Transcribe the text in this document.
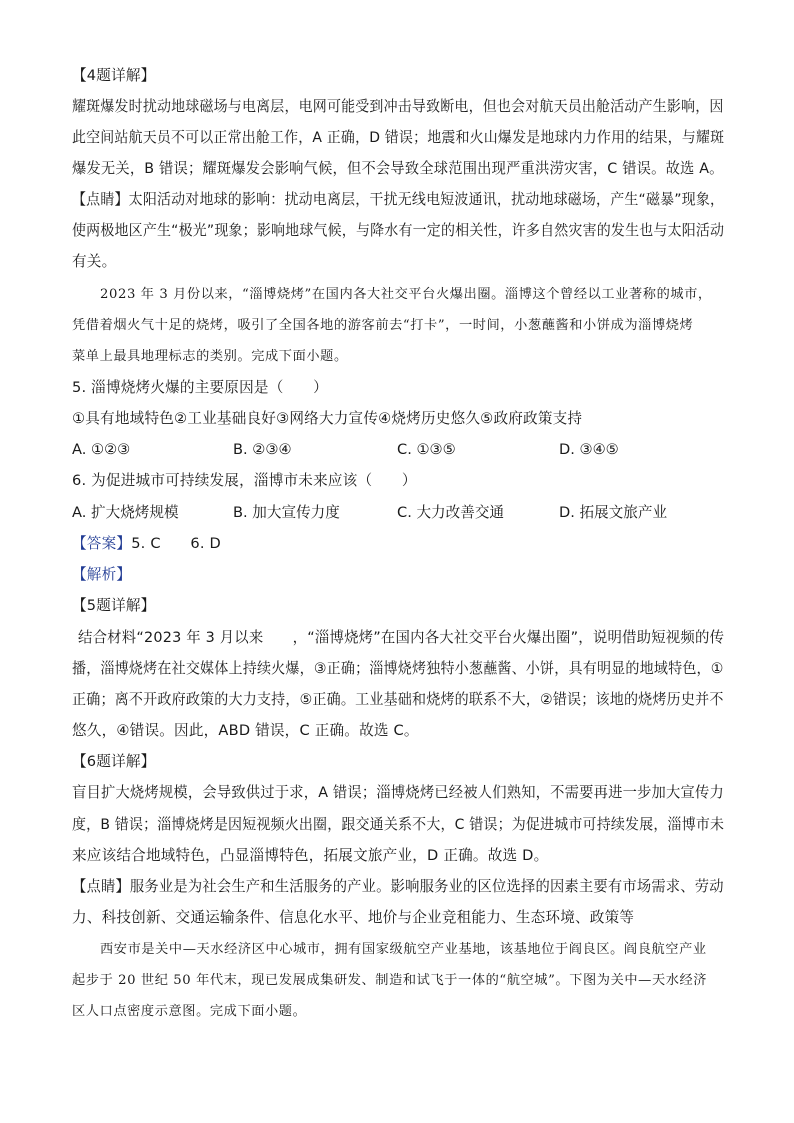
【4题详解】
耀斑爆发时扰动地球磁场与电离层，电网可能受到冲击导致断电，但也会对航天员出舱活动产生影响，因
此空间站航天员不可以正常出舱工作，A 正确，D 错误；地震和火山爆发是地球内力作用的结果，与耀斑
爆发无关，B 错误；耀斑爆发会影响气候，但不会导致全球范围出现严重洪涝灾害，C 错误。故选 A。
【点睛】太阳活动对地球的影响：扰动电离层，干扰无线电短波通讯，扰动地球磁场，产生“磁暴”现象，
使两极地区产生“极光”现象；影响地球气候，与降水有一定的相关性，许多自然灾害的发生也与太阳活动
有关。
2023 年 3 月份以来，“淄博烧烤”在国内各大社交平台火爆出圈。淄博这个曾经以工业著称的城市，
凭借着烟火气十足的烧烤，吸引了全国各地的游客前去“打卡”，一时间，小葱蘸酱和小饼成为淄博烧烤
菜单上最具地理标志的类别。完成下面小题。
5. 淄博烧烤火爆的主要原因是（　　）
①具有地域特色②工业基础良好③网络大力宣传④烧烤历史悠久⑤政府政策支持
A. ①②③	B. ②③④	C. ①③⑤	D. ③④⑤
6. 为促进城市可持续发展，淄博市未来应该（　　）
A. 扩大烧烤规模	B. 加大宣传力度	C. 大力改善交通	D. 拓展文旅产业
【答案】5. C　　6. D
【解析】
【5题详解】
结合材料“2023 年 3 月以来　　，“淄博烧烤”在国内各大社交平台火爆出圈”，说明借助短视频的传
播，淄博烧烤在社交媒体上持续火爆，③正确；淄博烧烤独特小葱蘸酱、小饼，具有明显的地域特色，①
正确；离不开政府政策的大力支持，⑤正确。工业基础和烧烤的联系不大，②错误；该地的烧烤历史并不
悠久，④错误。因此，ABD 错误，C 正确。故选 C。
【6题详解】
盲目扩大烧烤规模，会导致供过于求，A 错误；淄博烧烤已经被人们熟知，不需要再进一步加大宣传力
度，B 错误；淄博烧烤是因短视频火出圈，跟交通关系不大，C 错误；为促进城市可持续发展，淄博市未
来应该结合地域特色，凸显淄博特色，拓展文旅产业，D 正确。故选 D。
【点睛】服务业是为社会生产和生活服务的产业。影响服务业的区位选择的因素主要有市场需求、劳动
力、科技创新、交通运输条件、信息化水平、地价与企业竞租能力、生态环境、政策等
西安市是关中—天水经济区中心城市，拥有国家级航空产业基地，该基地位于阎良区。阎良航空产业
起步于 20 世纪 50 年代末，现已发展成集研发、制造和试飞于一体的“航空城”。下图为关中—天水经济
区人口点密度示意图。完成下面小题。
